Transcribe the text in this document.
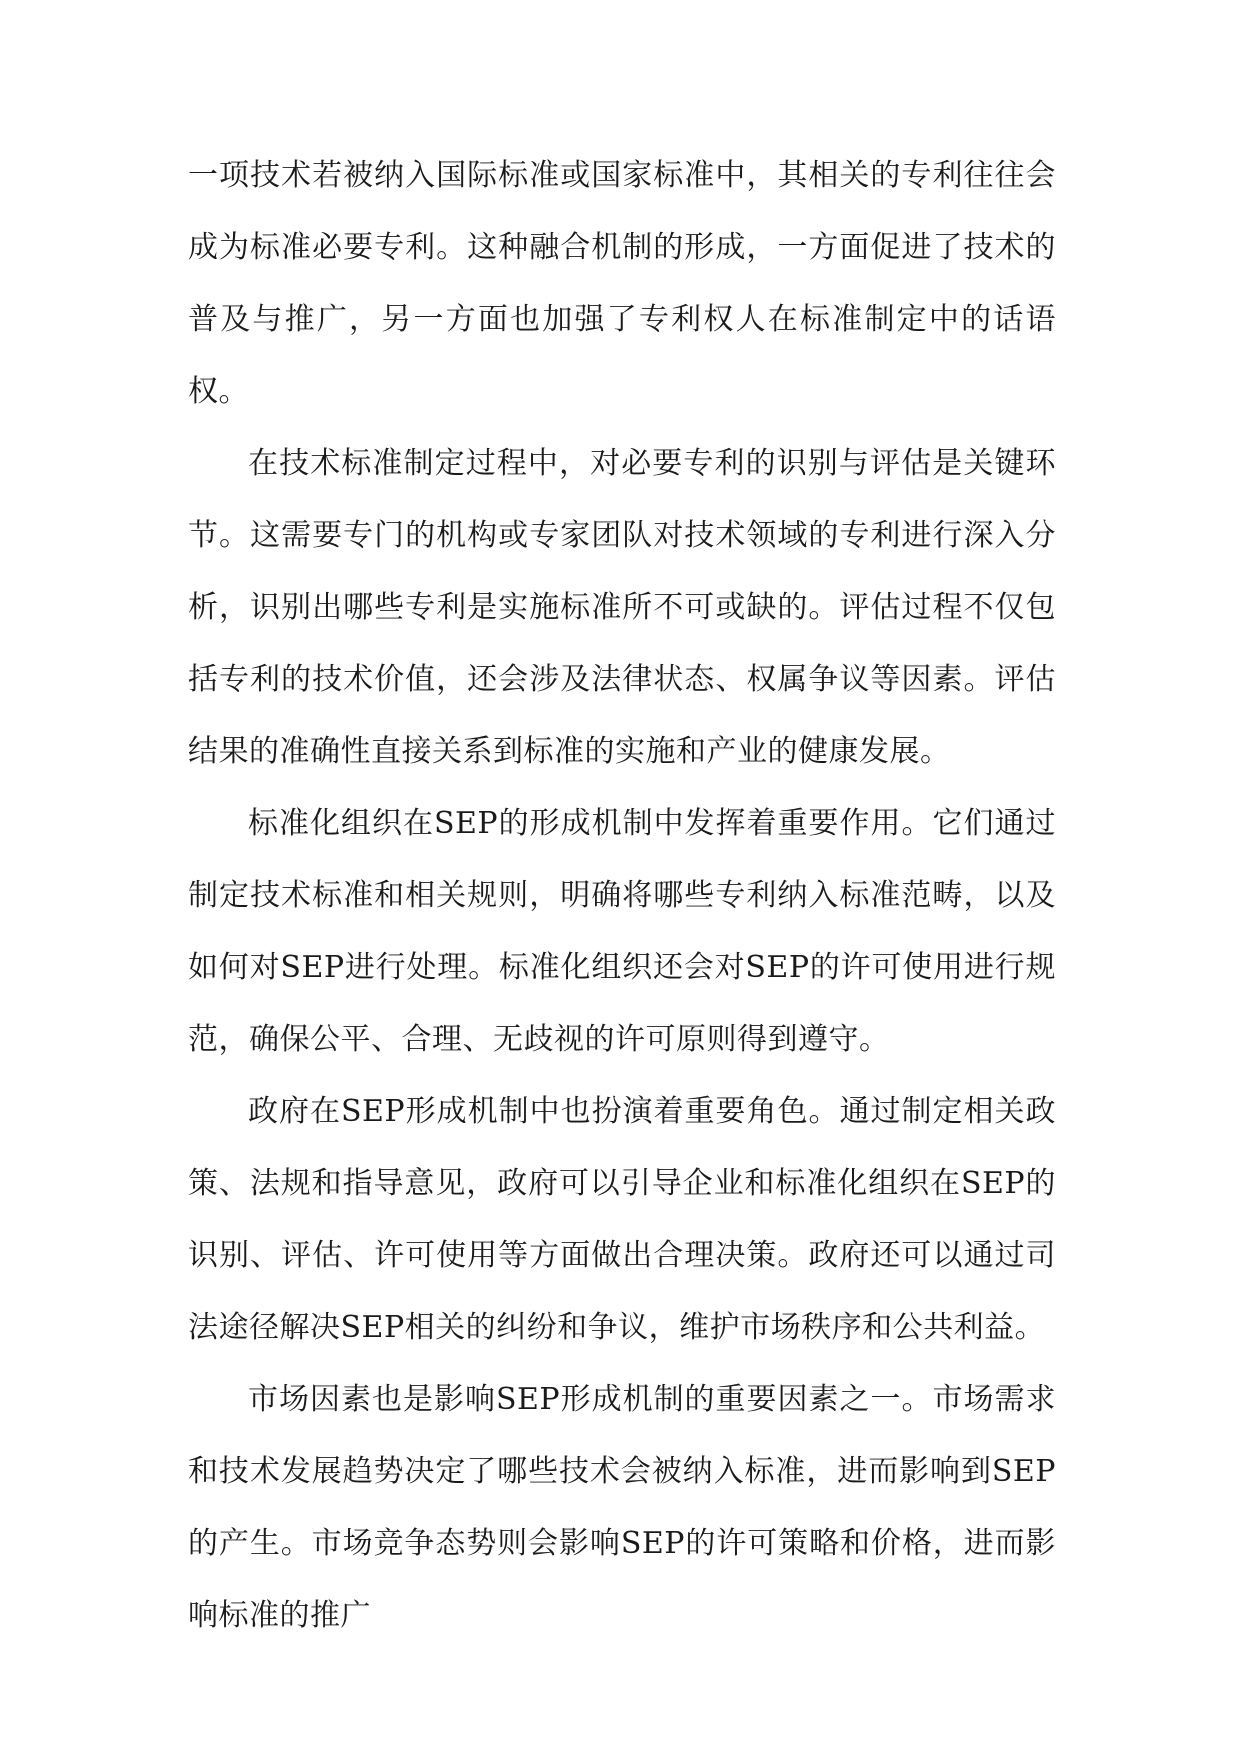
一项技术若被纳入国际标准或国家标准中，其相关的专利往往会成为标准必要专利。这种融合机制的形成，一方面促进了技术的普及与推广，另一方面也加强了专利权人在标准制定中的话语权。

在技术标准制定过程中，对必要专利的识别与评估是关键环节。这需要专门的机构或专家团队对技术领域的专利进行深入分析，识别出哪些专利是实施标准所不可或缺的。评估过程不仅包括专利的技术价值，还会涉及法律状态、权属争议等因素。评估结果的准确性直接关系到标准的实施和产业的健康发展。

标准化组织在SEP的形成机制中发挥着重要作用。它们通过制定技术标准和相关规则，明确将哪些专利纳入标准范畴，以及如何对SEP进行处理。标准化组织还会对SEP的许可使用进行规范，确保公平、合理、无歧视的许可原则得到遵守。

政府在SEP形成机制中也扮演着重要角色。通过制定相关政策、法规和指导意见，政府可以引导企业和标准化组织在SEP的识别、评估、许可使用等方面做出合理决策。政府还可以通过司法途径解决SEP相关的纠纷和争议，维护市场秩序和公共利益。

市场因素也是影响SEP形成机制的重要因素之一。市场需求和技术发展趋势决定了哪些技术会被纳入标准，进而影响到SEP的产生。市场竞争态势则会影响SEP的许可策略和价格，进而影响标准的推广
